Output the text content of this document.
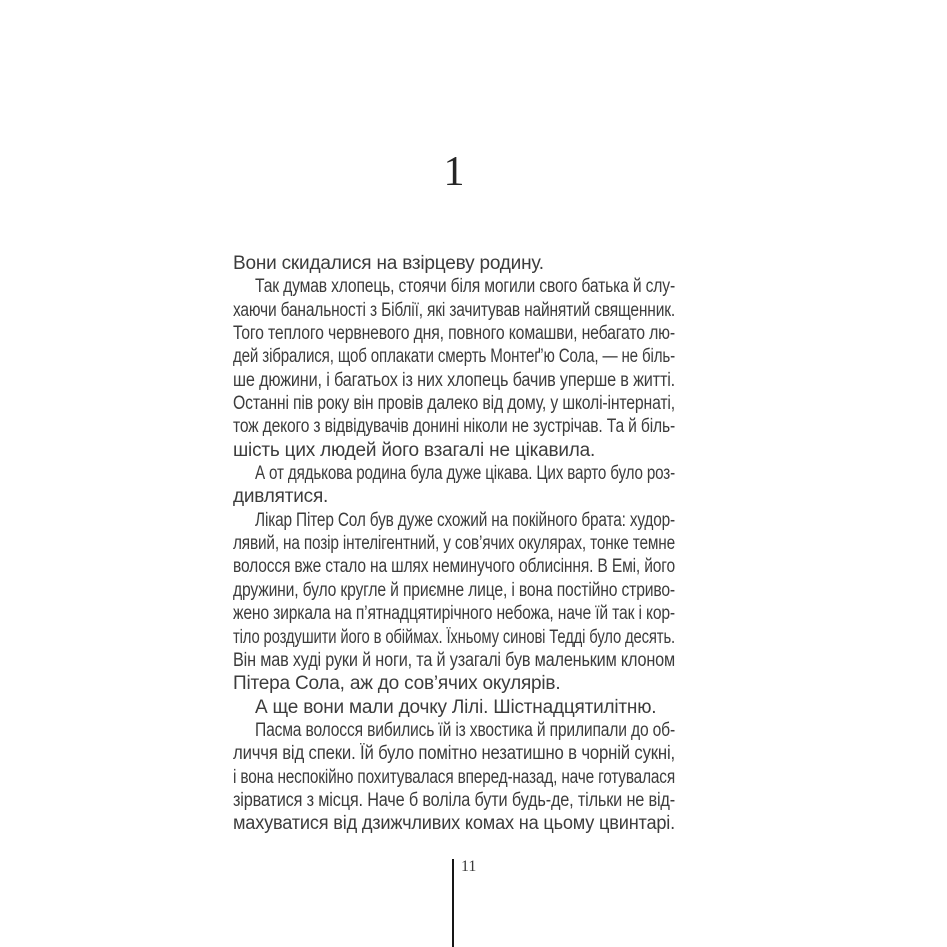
1
Вони скидалися на взірцеву родину.
Так думав хлопець, стоячи біля могили свого батька й слу-
хаючи банальності з Біблії, які зачитував найнятий священник.
Того теплого червневого дня, повного комашви, небагато лю-
дей зібралися, щоб оплакати смерть Монтеґ’ю Сола, — не біль-
ше дюжини, і багатьох із них хлопець бачив уперше в житті.
Останні пів року він провів далеко від дому, у школі-інтернаті,
тож декого з відвідувачів донині ніколи не зустрічав. Та й біль-
шість цих людей його взагалі не цікавила.
А от дядькова родина була дуже цікава. Цих варто було роз-
дивлятися.
Лікар Пітер Сол був дуже схожий на покійного брата: худор-
лявий, на позір інтелігентний, у сов’ячих окулярах, тонке темне
волосся вже стало на шлях неминучого облисіння. В Емі, його
дружини, було кругле й приємне лице, і вона постійно стриво-
жено зиркала на п’ятнадцятирічного небожа, наче їй так і кор-
тіло роздушити його в обіймах. Їхньому синові Тедді було десять.
Він мав худі руки й ноги, та й узагалі був маленьким клоном
Пітера Сола, аж до сов’ячих окулярів.
А ще вони мали дочку Лілі. Шістнадцятилітню.
Пасма волосся вибились їй із хвостика й прилипали до об-
личчя від спеки. Їй було помітно незатишно в чорній сукні,
і вона неспокійно похитувалася вперед-назад, наче готувалася
зірватися з місця. Наче б воліла бути будь-де, тільки не від-
махуватися від дзижчливих комах на цьому цвинтарі.
11
